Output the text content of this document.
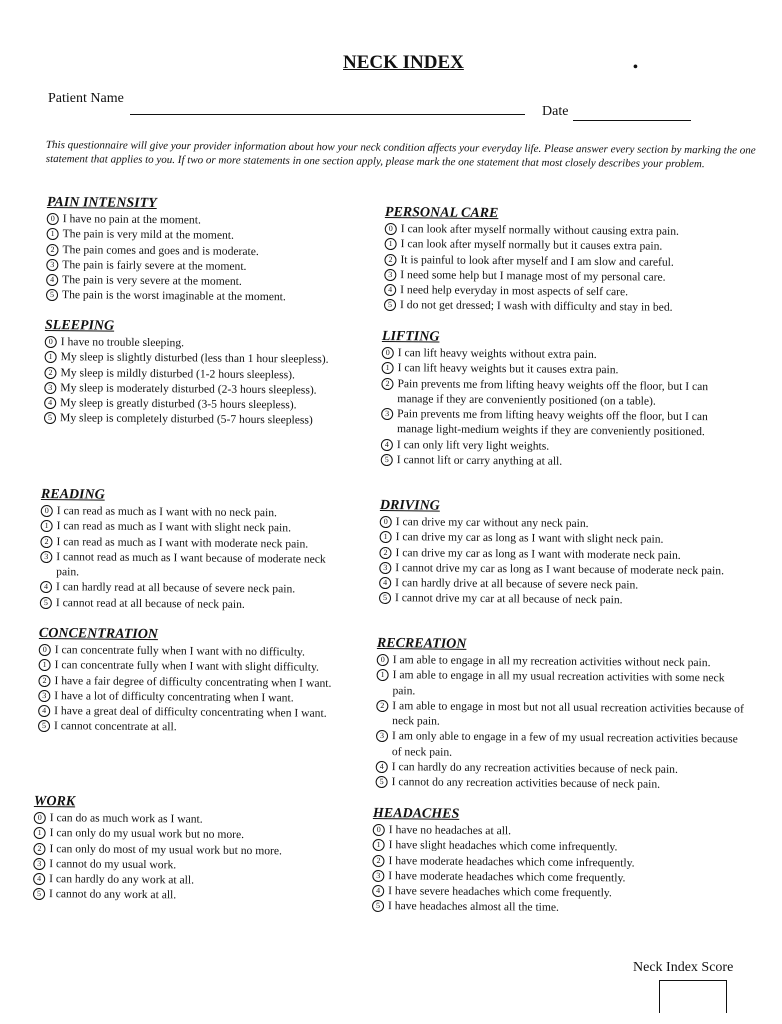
NECK INDEX	•
Patient Name
Date
This questionnaire will give your provider information about how your neck condition affects your everyday life. Please answer every section by marking the one statement that applies to you. If two or more statements in one section apply, please mark the one statement that most closely describes your problem.
PAIN INTENSITY
0 I have no pain at the moment.
1 The pain is very mild at the moment.
2 The pain comes and goes and is moderate.
3 The pain is fairly severe at the moment.
4 The pain is very severe at the moment.
5 The pain is the worst imaginable at the moment.
SLEEPING
0 I have no trouble sleeping.
1 My sleep is slightly disturbed (less than 1 hour sleepless).
2 My sleep is mildly disturbed (1-2 hours sleepless).
3 My sleep is moderately disturbed (2-3 hours sleepless).
4 My sleep is greatly disturbed (3-5 hours sleepless).
5 My sleep is completely disturbed (5-7 hours sleepless)
READING
0 I can read as much as I want with no neck pain.
1 I can read as much as I want with slight neck pain.
2 I can read as much as I want with moderate neck pain.
3 I cannot read as much as I want because of moderate neck pain.
4 I can hardly read at all because of severe neck pain.
5 I cannot read at all because of neck pain.
CONCENTRATION
0 I can concentrate fully when I want with no difficulty.
1 I can concentrate fully when I want with slight difficulty.
2 I have a fair degree of difficulty concentrating when I want.
3 I have a lot of difficulty concentrating when I want.
4 I have a great deal of difficulty concentrating when I want.
5 I cannot concentrate at all.
WORK
0 I can do as much work as I want.
1 I can only do my usual work but no more.
2 I can only do most of my usual work but no more.
3 I cannot do my usual work.
4 I can hardly do any work at all.
5 I cannot do any work at all.
PERSONAL CARE
0 I can look after myself normally without causing extra pain.
1 I can look after myself normally but it causes extra pain.
2 It is painful to look after myself and I am slow and careful.
3 I need some help but I manage most of my personal care.
4 I need help everyday in most aspects of self care.
5 I do not get dressed; I wash with difficulty and stay in bed.
LIFTING
0 I can lift heavy weights without extra pain.
1 I can lift heavy weights but it causes extra pain.
2 Pain prevents me from lifting heavy weights off the floor, but I can manage if they are conveniently positioned (on a table).
3 Pain prevents me from lifting heavy weights off the floor, but I can manage light-medium weights if they are conveniently positioned.
4 I can only lift very light weights.
5 I cannot lift or carry anything at all.
DRIVING
0 I can drive my car without any neck pain.
1 I can drive my car as long as I want with slight neck pain.
2 I can drive my car as long as I want with moderate neck pain.
3 I cannot drive my car as long as I want because of moderate neck pain.
4 I can hardly drive at all because of severe neck pain.
5 I cannot drive my car at all because of neck pain.
RECREATION
0 I am able to engage in all my recreation activities without neck pain.
1 I am able to engage in all my usual recreation activities with some neck pain.
2 I am able to engage in most but not all usual recreation activities because of neck pain.
3 I am only able to engage in a few of my usual recreation activities because of neck pain.
4 I can hardly do any recreation activities because of neck pain.
5 I cannot do any recreation activities because of neck pain.
HEADACHES
0 I have no headaches at all.
1 I have slight headaches which come infrequently.
2 I have moderate headaches which come infrequently.
3 I have moderate headaches which come frequently.
4 I have severe headaches which come frequently.
5 I have headaches almost all the time.
Neck Index Score
